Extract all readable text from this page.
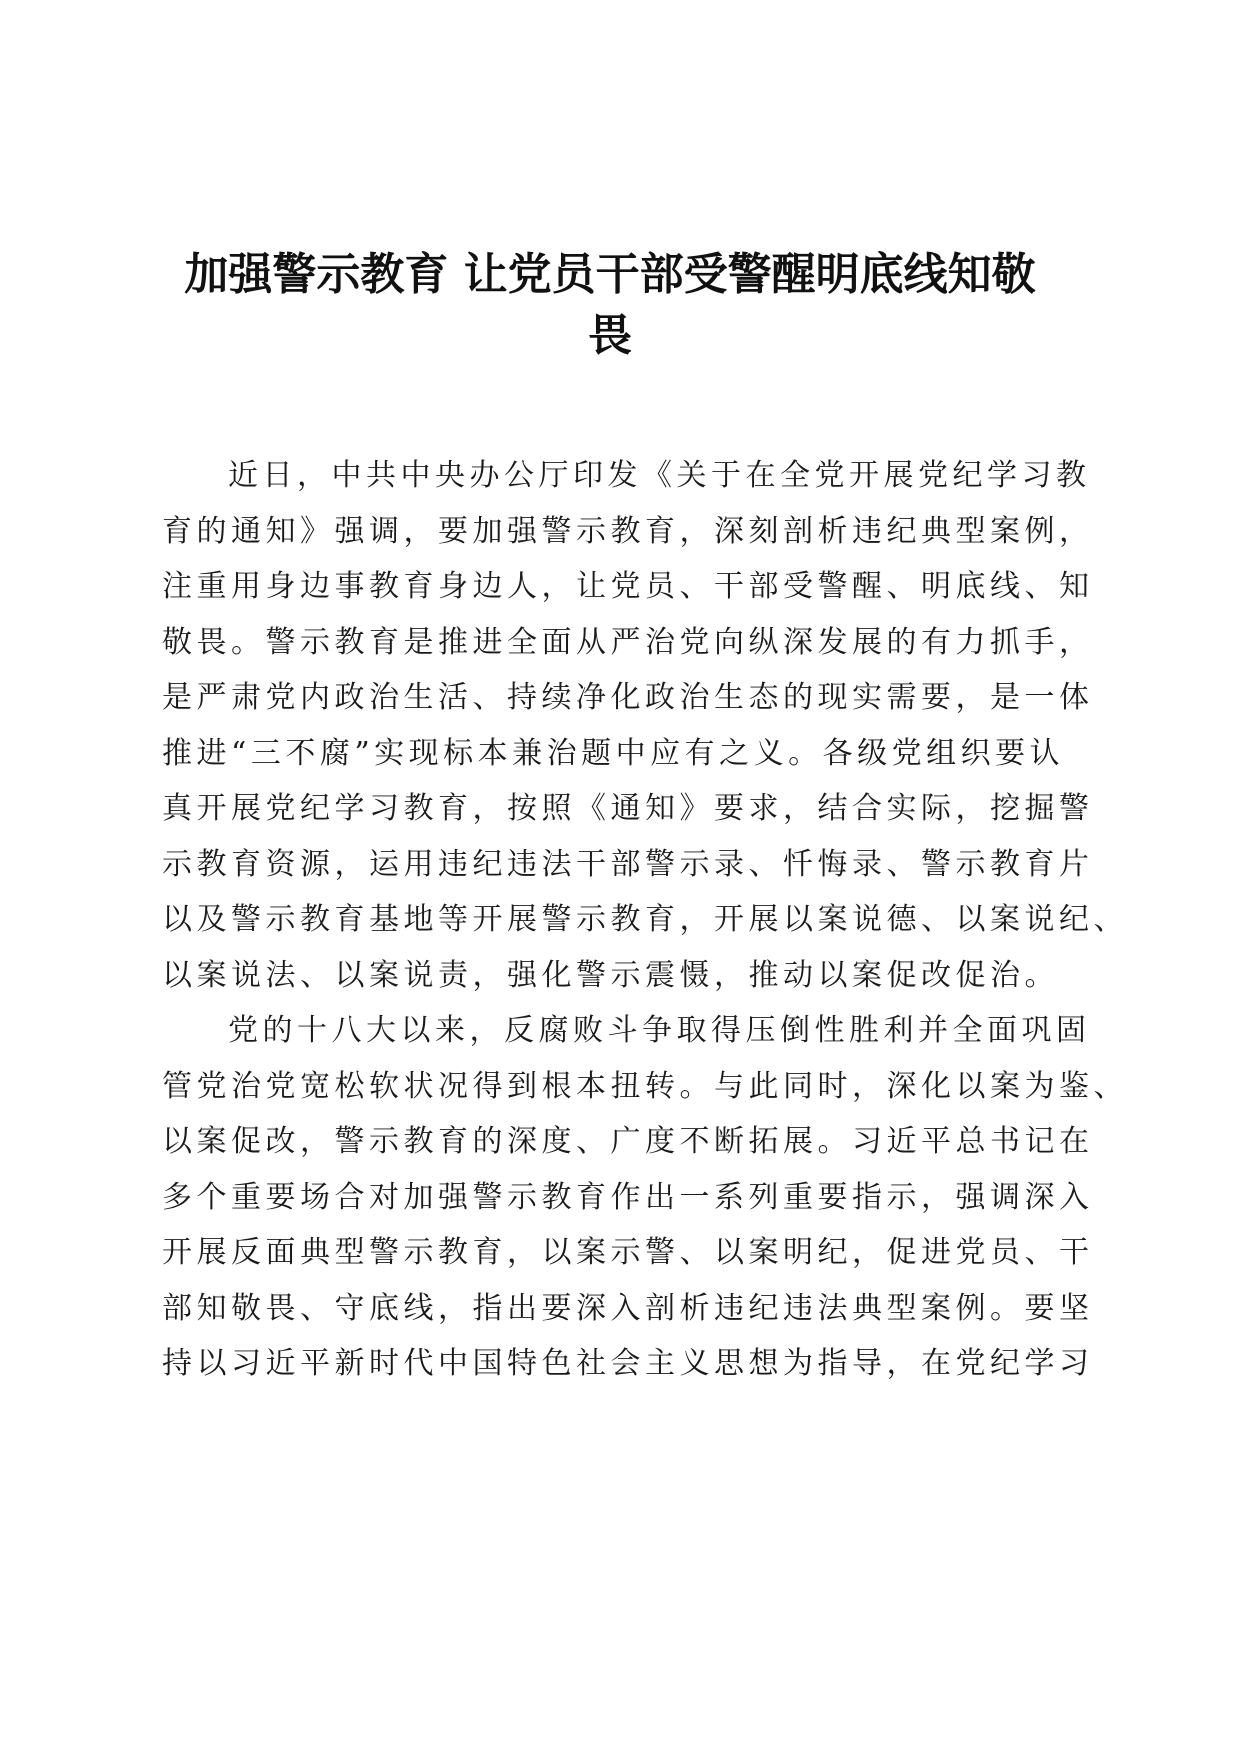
加强警示教育 让党员干部受警醒明底线知敬
畏
近日，中共中央办公厅印发《关于在全党开展党纪学习教
育的通知》强调，要加强警示教育，深刻剖析违纪典型案例，
注重用身边事教育身边人，让党员、干部受警醒、明底线、知
敬畏。警示教育是推进全面从严治党向纵深发展的有力抓手，
是严肃党内政治生活、持续净化政治生态的现实需要，是一体
推进“三不腐”实现标本兼治题中应有之义。各级党组织要认
真开展党纪学习教育，按照《通知》要求，结合实际，挖掘警
示教育资源，运用违纪违法干部警示录、忏悔录、警示教育片
以及警示教育基地等开展警示教育，开展以案说德、以案说纪、
以案说法、以案说责，强化警示震慑，推动以案促改促治。
党的十八大以来，反腐败斗争取得压倒性胜利并全面巩固
管党治党宽松软状况得到根本扭转。与此同时，深化以案为鉴、
以案促改，警示教育的深度、广度不断拓展。习近平总书记在
多个重要场合对加强警示教育作出一系列重要指示，强调深入
开展反面典型警示教育，以案示警、以案明纪，促进党员、干
部知敬畏、守底线，指出要深入剖析违纪违法典型案例。要坚
持以习近平新时代中国特色社会主义思想为指导，在党纪学习
